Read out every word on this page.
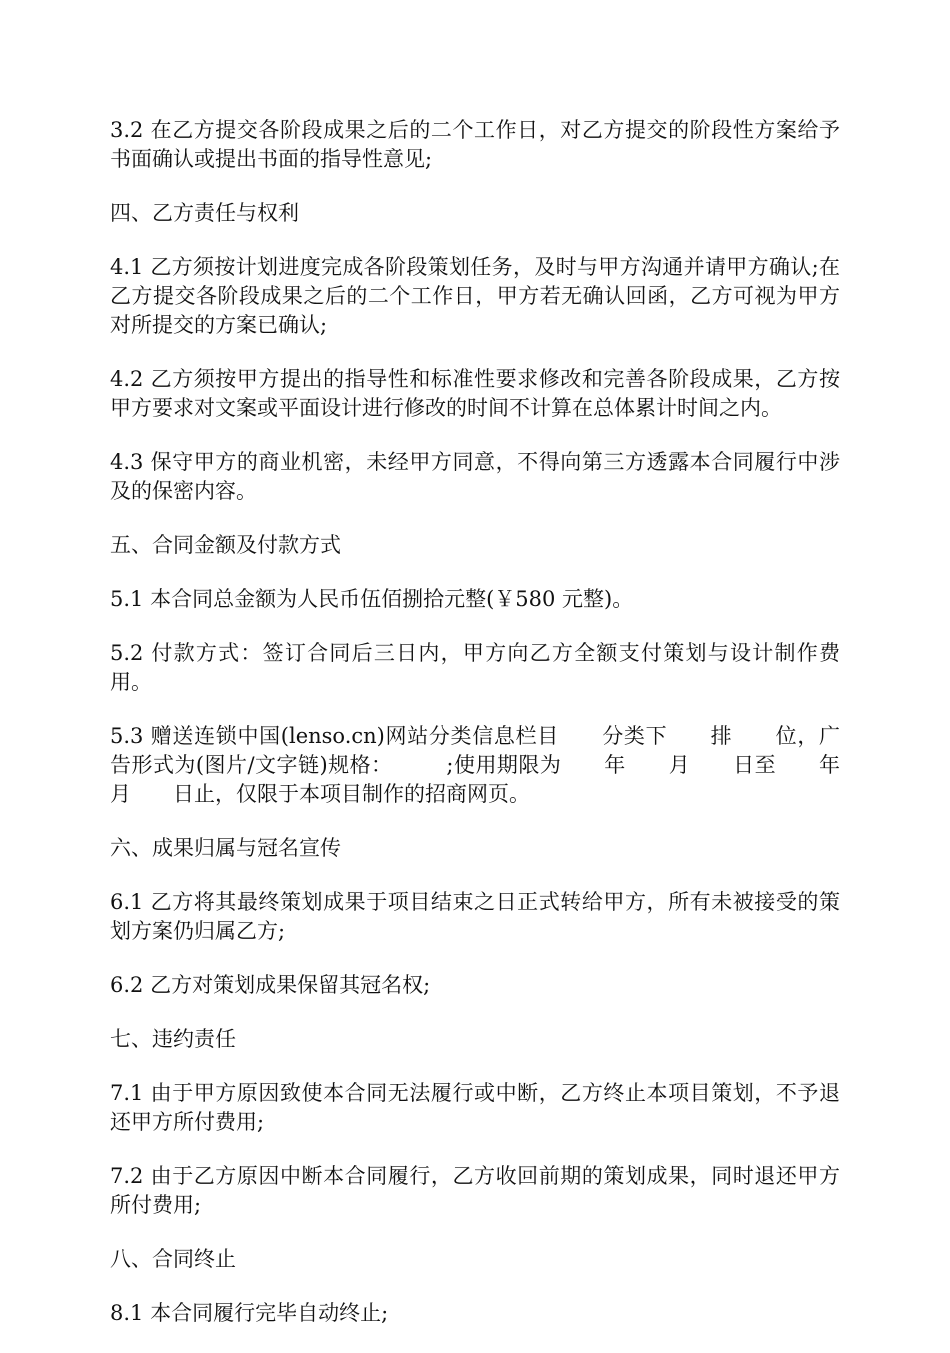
3.2 在乙方提交各阶段成果之后的二个工作日，对乙方提交的阶段性方案给予书面确认或提出书面的指导性意见;

四、乙方责任与权利

4.1 乙方须按计划进度完成各阶段策划任务，及时与甲方沟通并请甲方确认;在乙方提交各阶段成果之后的二个工作日，甲方若无确认回函，乙方可视为甲方对所提交的方案已确认;

4.2 乙方须按甲方提出的指导性和标准性要求修改和完善各阶段成果，乙方按甲方要求对文案或平面设计进行修改的时间不计算在总体累计时间之内。

4.3 保守甲方的商业机密，未经甲方同意，不得向第三方透露本合同履行中涉及的保密内容。

五、合同金额及付款方式

5.1 本合同总金额为人民币伍佰捌拾元整(￥580 元整)。

5.2 付款方式：签订合同后三日内，甲方向乙方全额支付策划与设计制作费用。

5.3 赠送连锁中国(lenso.cn)网站分类信息栏目　　分类下　　排　　位，广告形式为(图片/文字链)规格：　　　;使用期限为　　年　　月　　日至　　年　　月　　日止，仅限于本项目制作的招商网页。

六、成果归属与冠名宣传

6.1 乙方将其最终策划成果于项目结束之日正式转给甲方，所有未被接受的策划方案仍归属乙方;

6.2 乙方对策划成果保留其冠名权;

七、违约责任

7.1 由于甲方原因致使本合同无法履行或中断，乙方终止本项目策划，不予退还甲方所付费用;

7.2 由于乙方原因中断本合同履行，乙方收回前期的策划成果，同时退还甲方所付费用;

八、合同终止

8.1 本合同履行完毕自动终止;
